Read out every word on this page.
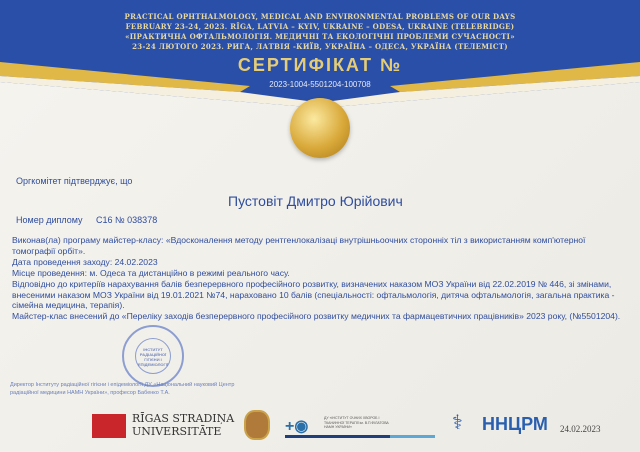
PRACTICAL OPHTHALMOLOGY, MEDICAL AND ENVIRONMENTAL PROBLEMS OF OUR DAYS
FEBRUARY 23-24, 2023. RĪGA, LATVIA – KYIV, UKRAINE – ODESA, UKRAINE (TELEBRIDGE)
«ПРАКТИЧНА ОФТАЛЬМОЛОГІЯ. МЕДИЧНІ ТА ЕКОЛОГІЧНІ ПРОБЛЕМИ СУЧАСНОСТІ»
23-24 ЛЮТОГО 2023. РИГА, ЛАТВІЯ -КИЇВ, УКРАЇНА – ОДЕСА, УКРАЇНА (ТЕЛЕМІСТ)
СЕРТИФІКАТ №
2023-1004-5501204-100708
Оргкомітет підтверджує, що
Пустовіт Дмитро Юрійович
Номер диплому C16 № 038378
Виконав(ла) програму майстер-класу: «Вдосконалення методу рентгенлокалізаці внутрішньоочних сторонніх тіл з використанням комп'ютерної томографії орбіт».
Дата проведення заходу: 24.02.2023
Місце проведення: м. Одеса та дистанційно в режимі реального часу.
Відповідно до критеріїв нарахування балів безперервного професійного розвитку, визначених наказом МОЗ України від 22.02.2019 № 446, зі змінами, внесеними наказом МОЗ України від 19.01.2021 №74, нараховано 10 балів (спеціальності: офтальмологія, дитяча офтальмологія, загальна практика - сімейна медицина, терапія).
Майстер-клас внесений до «Переліку заходів безперервного професійного розвитку медичних та фармацевтичних працівників» 2023 року, (№5501204).
ІНСТИТУТ РАДІАЦІЙНОЇ ГІГІЄНИ І ЕПІДЕМІОЛОГІЇ
Директор Інституту радіаційної гігієни і епідеміології ДУ «Національний науковий Центр радіаційної медицини НАМН України», професор Бабенко Т.А.
RĪGAS STRADIŅA
UNIVERSITĀTE	+◉	ДУ «ІНСТИТУТ ОЧНИХ ХВОРОБ І ТКАНИННОЇ ТЕРАПІЇ ім. В.П.ФІЛАТОВА НАМН УКРАЇНИ»	⚕ ННЦРМ 24.02.2023
